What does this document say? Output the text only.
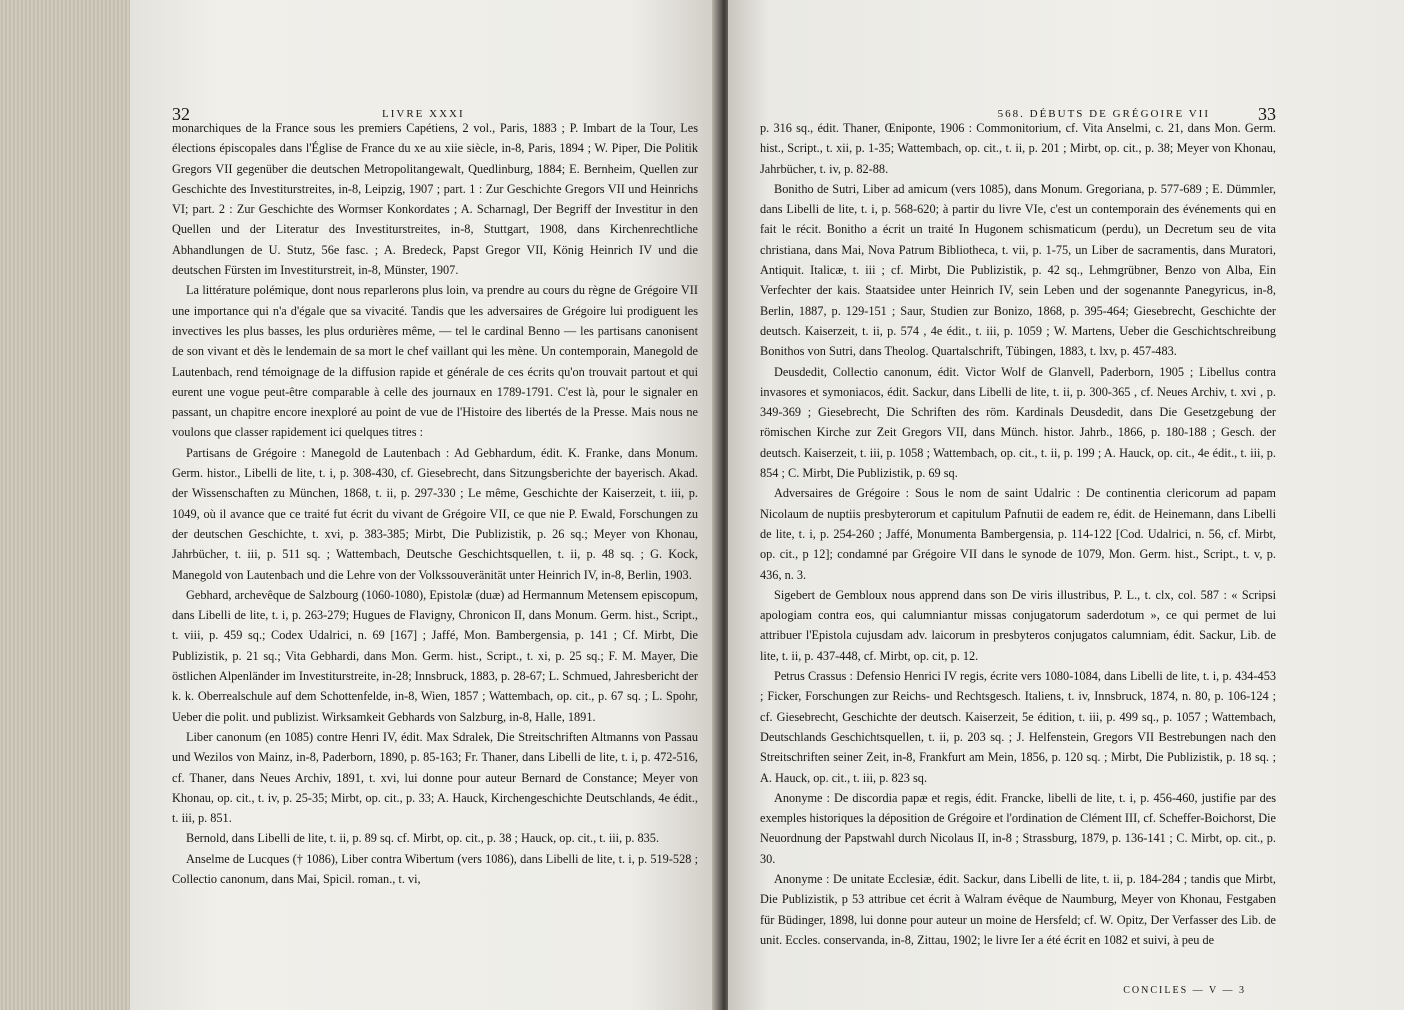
32	LIVRE XXXI

monarchiques de la France sous les premiers Capétiens, 2 vol., Paris, 1883 ; P. Imbart de la Tour, Les élections épiscopales dans l'Église de France du xe au xiie siècle, in-8, Paris, 1894 ; W. Piper, Die Politik Gregors VII gegenüber die deutschen Metropolitangewalt, Quedlinburg, 1884; E. Bernheim, Quellen zur Geschichte des Investiturstreites, in-8, Leipzig, 1907 ; part. 1 : Zur Geschichte Gregors VII und Heinrichs VI; part. 2 : Zur Geschichte des Wormser Konkordates ; A. Scharnagl, Der Begriff der Investitur in den Quellen und der Literatur des Investiturstreites, in-8, Stuttgart, 1908, dans Kirchenrechtliche Abhandlungen de U. Stutz, 56e fasc. ; A. Bredeck, Papst Gregor VII, König Heinrich IV und die deutschen Fürsten im Investiturstreit, in-8, Münster, 1907.

La littérature polémique, dont nous reparlerons plus loin, va prendre au cours du règne de Grégoire VII une importance qui n'a d'égale que sa vivacité. Tandis que les adversaires de Grégoire lui prodiguent les invectives les plus basses, les plus ordurières même, — tel le cardinal Benno — les partisans canonisent de son vivant et dès le lendemain de sa mort le chef vaillant qui les mène. Un contemporain, Manegold de Lautenbach, rend témoignage de la diffusion rapide et générale de ces écrits qu'on trouvait partout et qui eurent une vogue peut-être comparable à celle des journaux en 1789-1791. C'est là, pour le signaler en passant, un chapitre encore inexploré au point de vue de l'Histoire des libertés de la Presse. Mais nous ne voulons que classer rapidement ici quelques titres :

Partisans de Grégoire : Manegold de Lautenbach : Ad Gebhardum, édit. K. Franke, dans Monum. Germ. histor., Libelli de lite, t. i, p. 308-430, cf. Giesebrecht, dans Sitzungsberichte der bayerisch. Akad. der Wissenschaften zu München, 1868, t. ii, p. 297-330 ; Le même, Geschichte der Kaiserzeit, t. iii, p. 1049, où il avance que ce traité fut écrit du vivant de Grégoire VII, ce que nie P. Ewald, Forschungen zu der deutschen Geschichte, t. xvi, p. 383-385; Mirbt, Die Publizistik, p. 26 sq.; Meyer von Khonau, Jahrbücher, t. iii, p. 511 sq. ; Wattembach, Deutsche Geschichtsquellen, t. ii, p. 48 sq. ; G. Kock, Manegold von Lautenbach und die Lehre von der Volkssouveränität unter Heinrich IV, in-8, Berlin, 1903.

Gebhard, archevêque de Salzbourg (1060-1080), Epistolæ (duæ) ad Hermannum Metensem episcopum, dans Libelli de lite, t. i, p. 263-279; Hugues de Flavigny, Chronicon II, dans Monum. Germ. hist., Script., t. viii, p. 459 sq.; Codex Udalrici, n. 69 [167] ; Jaffé, Mon. Bambergensia, p. 141 ; Cf. Mirbt, Die Publizistik, p. 21 sq.; Vita Gebhardi, dans Mon. Germ. hist., Script., t. xi, p. 25 sq.; F. M. Mayer, Die östlichen Alpenländer im Investiturstreite, in-28; Innsbruck, 1883, p. 28-67; L. Schmued, Jahresbericht der k. k. Oberrealschule auf dem Schottenfelde, in-8, Wien, 1857 ; Wattembach, op. cit., p. 67 sq. ; L. Spohr, Ueber die polit. und publizist. Wirksamkeit Gebhards von Salzburg, in-8, Halle, 1891.

Liber canonum (en 1085) contre Henri IV, édit. Max Sdralek, Die Streitschriften Altmanns von Passau und Wezilos von Mainz, in-8, Paderborn, 1890, p. 85-163; Fr. Thaner, dans Libelli de lite, t. i, p. 472-516, cf. Thaner, dans Neues Archiv, 1891, t. xvi, lui donne pour auteur Bernard de Constance; Meyer von Khonau, op. cit., t. iv, p. 25-35; Mirbt, op. cit., p. 33; A. Hauck, Kirchengeschichte Deutschlands, 4e édit., t. iii, p. 851.

Bernold, dans Libelli de lite, t. ii, p. 89 sq. cf. Mirbt, op. cit., p. 38 ; Hauck, op. cit., t. iii, p. 835.

Anselme de Lucques († 1086), Liber contra Wibertum (vers 1086), dans Libelli de lite, t. i, p. 519-528 ; Collectio canonum, dans Mai, Spicil. roman., t. vi,

568. DÉBUTS DE GRÉGOIRE VII	33

p. 316 sq., édit. Thaner, Œniponte, 1906 : Commonitorium, cf. Vita Anselmi, c. 21, dans Mon. Germ. hist., Script., t. xii, p. 1-35; Wattembach, op. cit., t. ii, p. 201 ; Mirbt, op. cit., p. 38; Meyer von Khonau, Jahrbücher, t. iv, p. 82-88.

Bonitho de Sutri, Liber ad amicum (vers 1085), dans Monum. Gregoriana, p. 577-689 ; E. Dümmler, dans Libelli de lite, t. i, p. 568-620; à partir du livre VIe, c'est un contemporain des événements qui en fait le récit. Bonitho a écrit un traité In Hugonem schismaticum (perdu), un Decretum seu de vita christiana, dans Mai, Nova Patrum Bibliotheca, t. vii, p. 1-75, un Liber de sacramentis, dans Muratori, Antiquit. Italicæ, t. iii ; cf. Mirbt, Die Publizistik, p. 42 sq., Lehmgrübner, Benzo von Alba, Ein Verfechter der kais. Staatsidee unter Heinrich IV, sein Leben und der sogenannte Panegyricus, in-8, Berlin, 1887, p. 129-151 ; Saur, Studien zur Bonizo, 1868, p. 395-464; Giesebrecht, Geschichte der deutsch. Kaiserzeit, t. ii, p. 574 , 4e édit., t. iii, p. 1059 ; W. Martens, Ueber die Geschichtschreibung Bonithos von Sutri, dans Theolog. Quartalschrift, Tübingen, 1883, t. lxv, p. 457-483.

Deusdedit, Collectio canonum, édit. Victor Wolf de Glanvell, Paderborn, 1905 ; Libellus contra invasores et symoniacos, édit. Sackur, dans Libelli de lite, t. ii, p. 300-365 , cf. Neues Archiv, t. xvi , p. 349-369 ; Giesebrecht, Die Schriften des röm. Kardinals Deusdedit, dans Die Gesetzgebung der römischen Kirche zur Zeit Gregors VII, dans Münch. histor. Jahrb., 1866, p. 180-188 ; Gesch. der deutsch. Kaiserzeit, t. iii, p. 1058 ; Wattembach, op. cit., t. ii, p. 199 ; A. Hauck, op. cit., 4e édit., t. iii, p. 854 ; C. Mirbt, Die Publizistik, p. 69 sq.

Adversaires de Grégoire : Sous le nom de saint Udalric : De continentia clericorum ad papam Nicolaum de nuptiis presbyterorum et capitulum Pafnutii de eadem re, édit. de Heinemann, dans Libelli de lite, t. i, p. 254-260 ; Jaffé, Monumenta Bambergensia, p. 114-122 [Cod. Udalrici, n. 56, cf. Mirbt, op. cit., p 12]; condamné par Grégoire VII dans le synode de 1079, Mon. Germ. hist., Script., t. v, p. 436, n. 3.

Sigebert de Gembloux nous apprend dans son De viris illustribus, P. L., t. clx, col. 587 : « Scripsi apologiam contra eos, qui calumniantur missas conjugatorum saderdotum », ce qui permet de lui attribuer l'Epistola cujusdam adv. laicorum in presbyteros conjugatos calumniam, édit. Sackur, Lib. de lite, t. ii, p. 437-448, cf. Mirbt, op. cit, p. 12.

Petrus Crassus : Defensio Henrici IV regis, écrite vers 1080-1084, dans Libelli de lite, t. i, p. 434-453 ; Ficker, Forschungen zur Reichs- und Rechtsgesch. Italiens, t. iv, Innsbruck, 1874, n. 80, p. 106-124 ; cf. Giesebrecht, Geschichte der deutsch. Kaiserzeit, 5e édition, t. iii, p. 499 sq., p. 1057 ; Wattembach, Deutschlands Geschichtsquellen, t. ii, p. 203 sq. ; J. Helfenstein, Gregors VII Bestrebungen nach den Streitschriften seiner Zeit, in-8, Frankfurt am Mein, 1856, p. 120 sq. ; Mirbt, Die Publizistik, p. 18 sq. ; A. Hauck, op. cit., t. iii, p. 823 sq.

Anonyme : De discordia papæ et regis, édit. Francke, libelli de lite, t. i, p. 456-460, justifie par des exemples historiques la déposition de Grégoire et l'ordination de Clément III, cf. Scheffer-Boichorst, Die Neuordnung der Papstwahl durch Nicolaus II, in-8 ; Strassburg, 1879, p. 136-141 ; C. Mirbt, op. cit., p. 30.

Anonyme : De unitate Ecclesiæ, édit. Sackur, dans Libelli de lite, t. ii, p. 184-284 ; tandis que Mirbt, Die Publizistik, p 53 attribue cet écrit à Walram évêque de Naumburg, Meyer von Khonau, Festgaben für Büdinger, 1898, lui donne pour auteur un moine de Hersfeld; cf. W. Opitz, Der Verfasser des Lib. de unit. Eccles. conservanda, in-8, Zittau, 1902; le livre Ier a été écrit en 1082 et suivi, à peu de

CONCILES — V — 3
